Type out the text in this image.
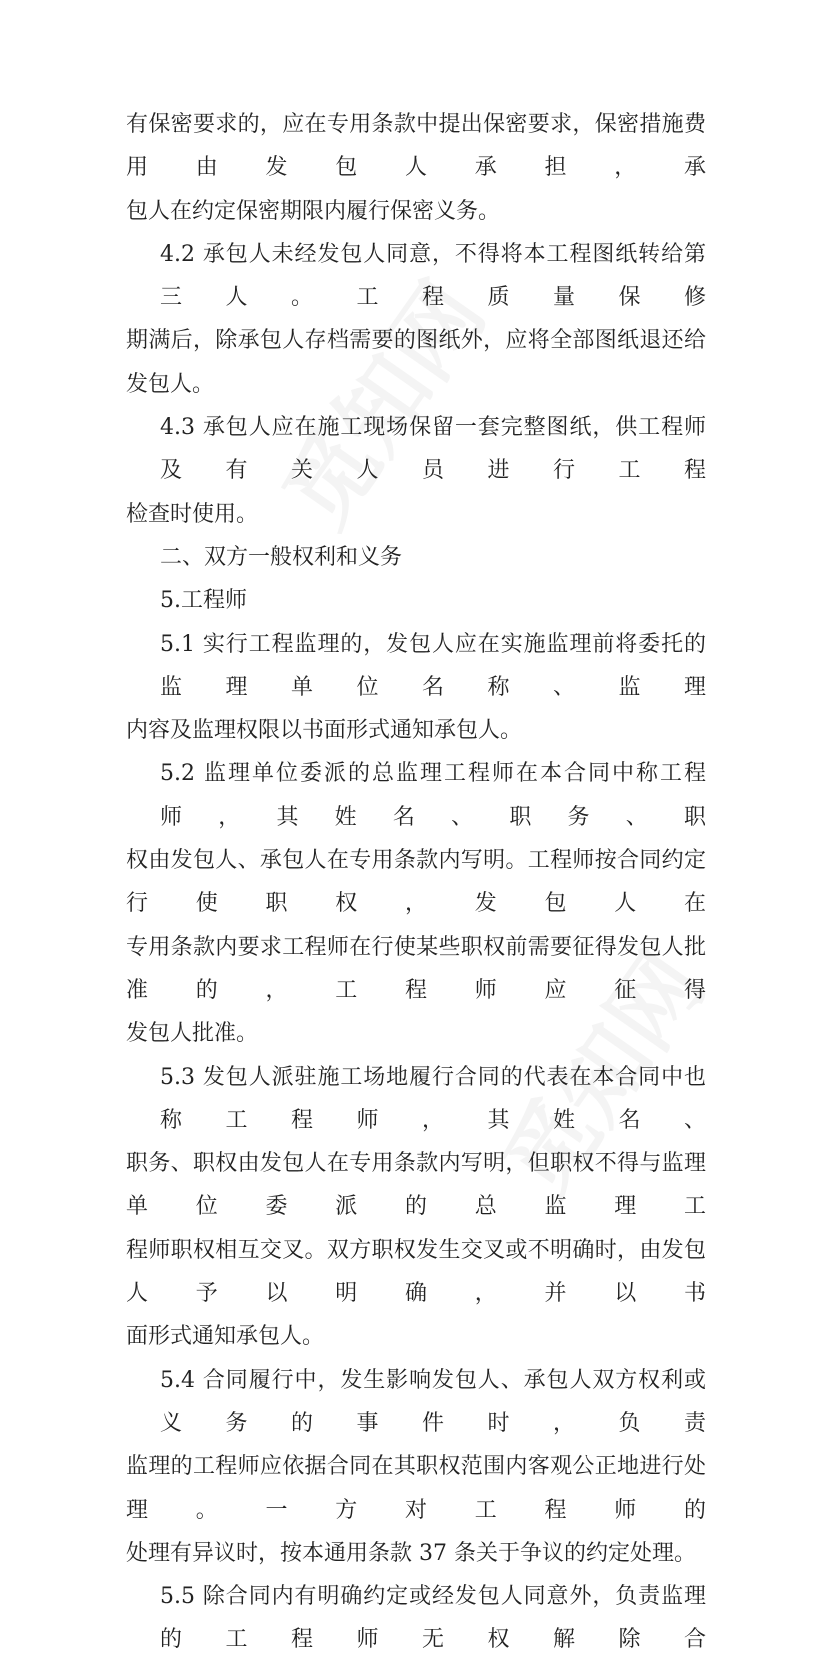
有保密要求的，应在专用条款中提出保密要求，保密措施费用由发包人承担，承
包人在约定保密期限内履行保密义务。
4.2 承包人未经发包人同意，不得将本工程图纸转给第三人。工程质量保修
期满后，除承包人存档需要的图纸外，应将全部图纸退还给发包人。
4.3 承包人应在施工现场保留一套完整图纸，供工程师及有关人员进行工程
检查时使用。
二、双方一般权利和义务
5.工程师
5.1 实行工程监理的，发包人应在实施监理前将委托的监理单位名称、监理
内容及监理权限以书面形式通知承包人。
5.2 监理单位委派的总监理工程师在本合同中称工程师，其姓名、职务、职
权由发包人、承包人在专用条款内写明。工程师按合同约定行使职权，发包人在
专用条款内要求工程师在行使某些职权前需要征得发包人批准的，工程师应征得
发包人批准。
5.3 发包人派驻施工场地履行合同的代表在本合同中也称工程师，其姓名、
职务、职权由发包人在专用条款内写明，但职权不得与监理单位委派的总监理工
程师职权相互交叉。双方职权发生交叉或不明确时，由发包人予以明确，并以书
面形式通知承包人。
5.4 合同履行中，发生影响发包人、承包人双方权利或义务的事件时，负责
监理的工程师应依据合同在其职权范围内客观公正地进行处理。一方对工程师的
处理有异议时，按本通用条款 37 条关于争议的约定处理。
5.5 除合同内有明确约定或经发包人同意外，负责监理的工程师无权解除合
